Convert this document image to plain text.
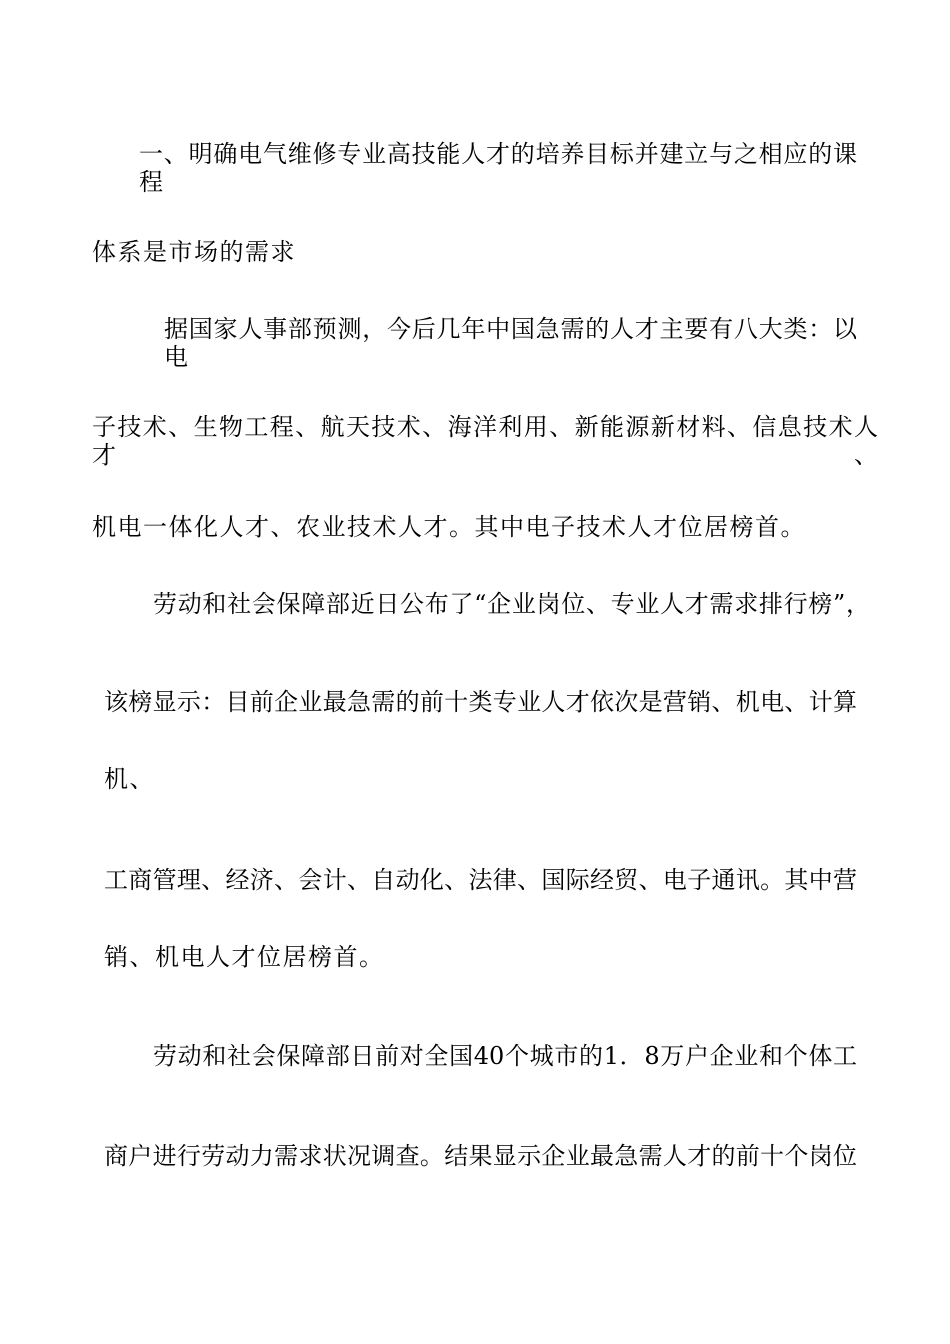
一、明确电气维修专业高技能人才的培养目标并建立与之相应的课程
体系是市场的需求
据国家人事部预测，今后几年中国急需的人才主要有八大类：以电
子技术、生物工程、航天技术、海洋利用、新能源新材料、信息技术人才、
机电一体化人才、农业技术人才。其中电子技术人才位居榜首。
劳动和社会保障部近日公布了“企业岗位、专业人才需求排行榜”，
该榜显示：目前企业最急需的前十类专业人才依次是营销、机电、计算
机、
工商管理、经济、会计、自动化、法律、国际经贸、电子通讯。其中营
销、机电人才位居榜首。
劳动和社会保障部日前对全国40个城市的1．8万户企业和个体工
商户进行劳动力需求状况调查。结果显示企业最急需人才的前十个岗位
